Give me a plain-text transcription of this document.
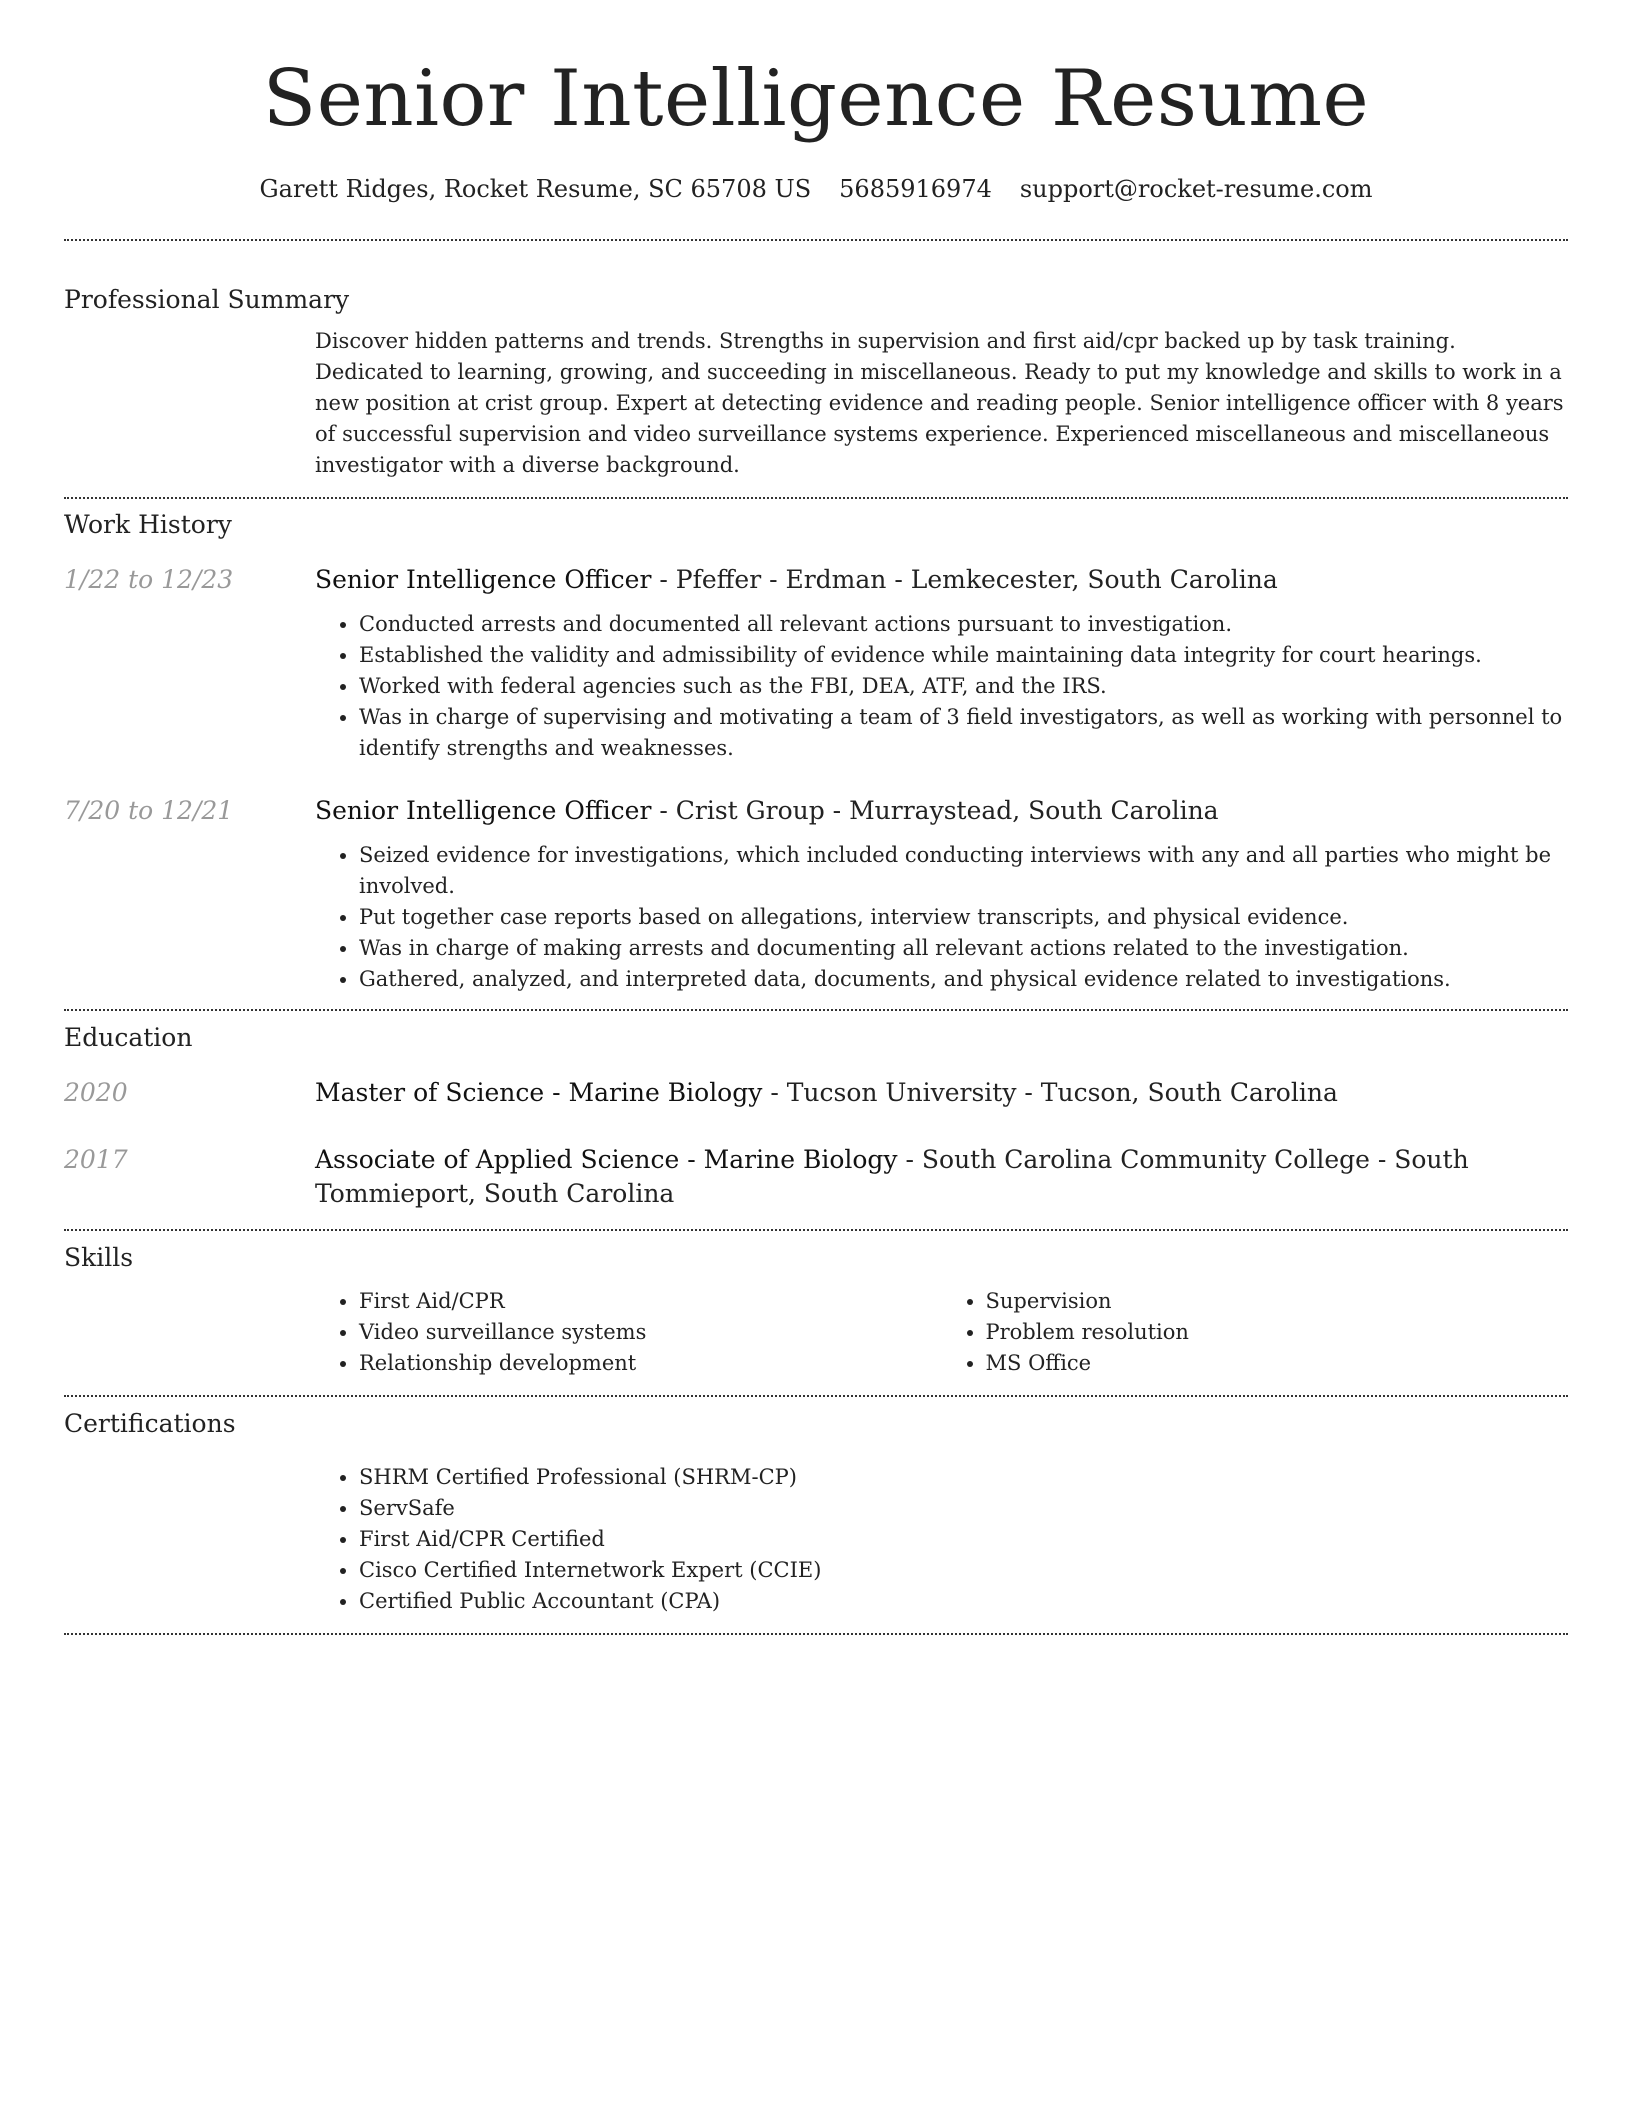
Senior Intelligence Resume
Garett Ridges, Rocket Resume, SC 65708 US 5685916974 support@rocket-resume.com
Professional Summary

Discover hidden patterns and trends. Strengths in supervision and first aid/cpr backed up by task training. Dedicated to learning, growing, and succeeding in miscellaneous. Ready to put my knowledge and skills to work in a new position at crist group. Expert at detecting evidence and reading people. Senior intelligence officer with 8 years of successful supervision and video surveillance systems experience. Experienced miscellaneous and miscellaneous investigator with a diverse background.

Work History
1/22 to 12/23	Senior Intelligence Officer - Pfeffer - Erdman - Lemkecester, South Carolina

• Conducted arrests and documented all relevant actions pursuant to investigation.
• Established the validity and admissibility of evidence while maintaining data integrity for court hearings.
• Worked with federal agencies such as the FBI, DEA, ATF, and the IRS.
• Was in charge of supervising and motivating a team of 3 field investigators, as well as working with personnel to identify strengths and weaknesses.
7/20 to 12/21	Senior Intelligence Officer - Crist Group - Murraystead, South Carolina

• Seized evidence for investigations, which included conducting interviews with any and all parties who might be involved.
• Put together case reports based on allegations, interview transcripts, and physical evidence.
• Was in charge of making arrests and documenting all relevant actions related to the investigation.
• Gathered, analyzed, and interpreted data, documents, and physical evidence related to investigations.
Education
2020	Master of Science - Marine Biology - Tucson University - Tucson, South Carolina

2017	Associate of Applied Science - Marine Biology - South Carolina Community College - South Tommieport, South Carolina

Skills
• First Aid/CPR
• Video surveillance systems
• Relationship development
• Supervision
• Problem resolution
• MS Office
Certifications
• SHRM Certified Professional (SHRM-CP)
• ServSafe
• First Aid/CPR Certified
• Cisco Certified Internetwork Expert (CCIE)
• Certified Public Accountant (CPA)
